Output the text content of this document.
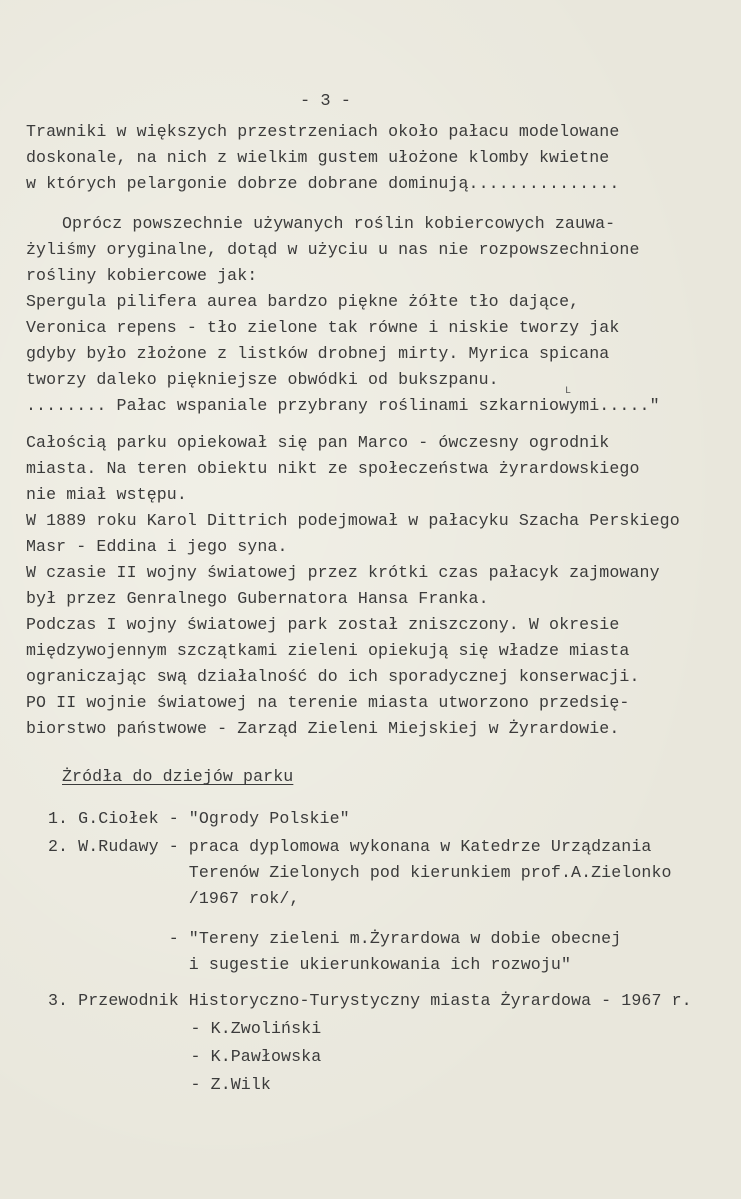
- 3 -
Trawniki w większych przestrzeniach około pałacu modelowane
doskonale, na nich z wielkim gustem ułożone klomby kwietne
w których pelargonie dobrze dobrane dominują...............
Oprócz powszechnie używanych roślin kobiercowych zauwa-
żyliśmy oryginalne, dotąd w użyciu u nas nie rozpowszechnione
rośliny kobiercowe jak:
Spergula pilifera aurea bardzo piękne żółte tło dające,
Veronica repens - tło zielone tak równe i niskie tworzy jak
gdyby było złożone z listków drobnej mirty. Myrica spicana
tworzy daleko piękniejsze obwódki od bukszpanu.
........ Pałac wspaniale przybrany roślinami szkarniowymi....."
L
Całością parku opiekował się pan Marco - ówczesny ogrodnik
miasta. Na teren obiektu nikt ze społeczeństwa żyrardowskiego
nie miał wstępu.
W 1889 roku Karol Dittrich podejmował w pałacyku Szacha Perskiego
Masr - Eddina i jego syna.
W czasie II wojny światowej przez krótki czas pałacyk zajmowany
był przez Genralnego Gubernatora Hansa Franka.
Podczas I wojny światowej park został zniszczony. W okresie
międzywojennym szczątkami zieleni opiekują się władze miasta
ograniczając swą działalność do ich sporadycznej konserwacji.
PO II wojnie światowej na terenie miasta utworzono przedsię-
biorstwo państwowe - Zarząd Zieleni Miejskiej w Żyrardowie.
Żródła do dziejów parku
1. G.Ciołek - "Ogrody Polskie"
2. W.Rudawy - praca dyplomowa wykonana w Katedrze Urządzania
Terenów Zielonych pod kierunkiem prof.A.Zielonko
/1967 rok/,
- "Tereny zieleni m.Żyrardowa w dobie obecnej
i sugestie ukierunkowania ich rozwoju"
3. Przewodnik Historyczno-Turystyczny miasta Żyrardowa - 1967 r.
- K.Zwoliński
- K.Pawłowska
- Z.Wilk
